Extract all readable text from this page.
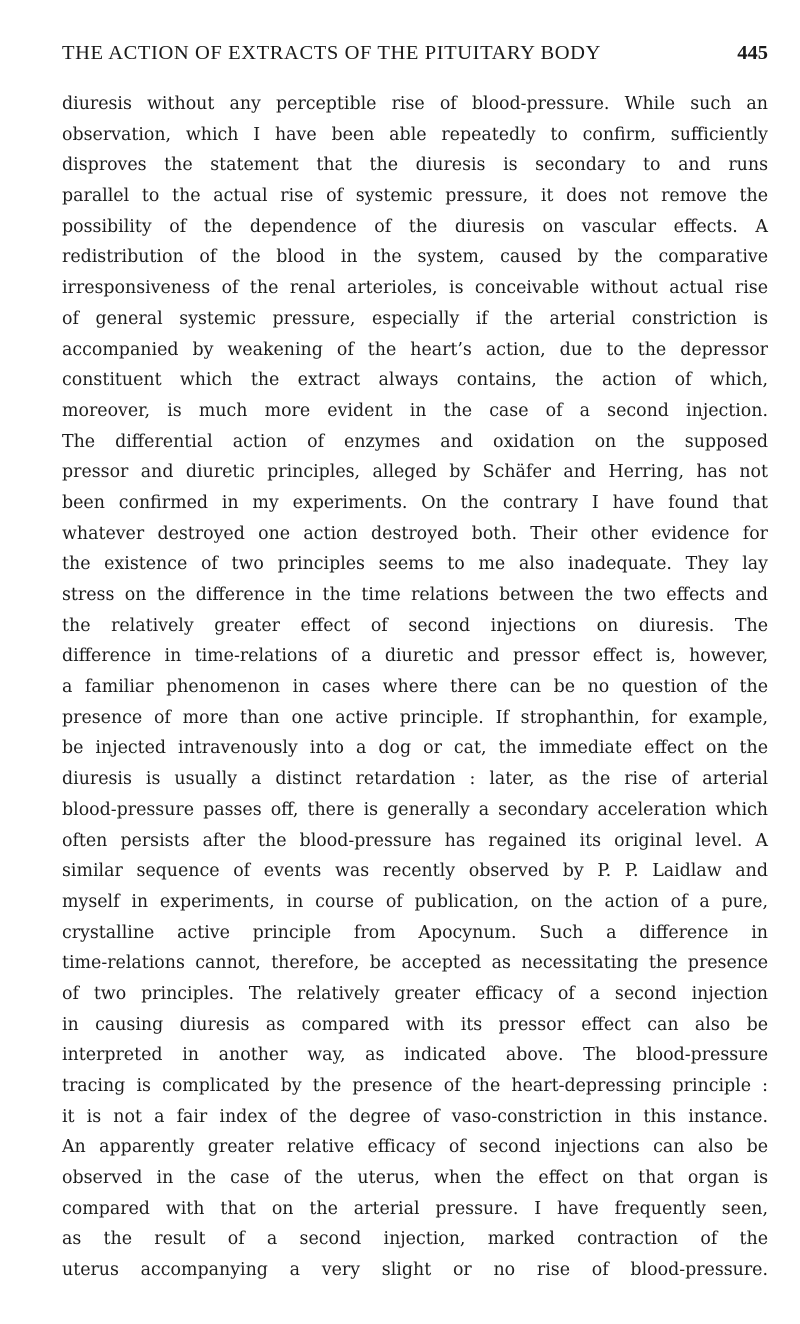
THE ACTION OF EXTRACTS OF THE PITUITARY BODY	445
diuresis without any perceptible rise of blood-pressure. While such an
observation, which I have been able repeatedly to confirm, sufficiently
disproves the statement that the diuresis is secondary to and runs
parallel to the actual rise of systemic pressure, it does not remove the
possibility of the dependence of the diuresis on vascular effects. A
redistribution of the blood in the system, caused by the comparative
irresponsiveness of the renal arterioles, is conceivable without actual rise
of general systemic pressure, especially if the arterial constriction is
accompanied by weakening of the heart’s action, due to the depressor
constituent which the extract always contains, the action of which,
moreover, is much more evident in the case of a second injection.
The differential action of enzymes and oxidation on the supposed
pressor and diuretic principles, alleged by Schäfer and Herring, has not
been confirmed in my experiments. On the contrary I have found that
whatever destroyed one action destroyed both. Their other evidence for
the existence of two principles seems to me also inadequate. They lay
stress on the difference in the time relations between the two effects and
the relatively greater effect of second injections on diuresis. The
difference in time-relations of a diuretic and pressor effect is, however,
a familiar phenomenon in cases where there can be no question of the
presence of more than one active principle. If strophanthin, for example,
be injected intravenously into a dog or cat, the immediate effect on the
diuresis is usually a distinct retardation : later, as the rise of arterial
blood-pressure passes off, there is generally a secondary acceleration which
often persists after the blood-pressure has regained its original level. A
similar sequence of events was recently observed by P. P. Laidlaw and
myself in experiments, in course of publication, on the action of a pure,
crystalline active principle from Apocynum. Such a difference in
time-relations cannot, therefore, be accepted as necessitating the presence
of two principles. The relatively greater efficacy of a second injection
in causing diuresis as compared with its pressor effect can also be
interpreted in another way, as indicated above. The blood-pressure
tracing is complicated by the presence of the heart-depressing principle :
it is not a fair index of the degree of vaso-constriction in this instance.
An apparently greater relative efficacy of second injections can also be
observed in the case of the uterus, when the effect on that organ is
compared with that on the arterial pressure. I have frequently seen,
as the result of a second injection, marked contraction of the
uterus accompanying a very slight or no rise of blood-pressure.
